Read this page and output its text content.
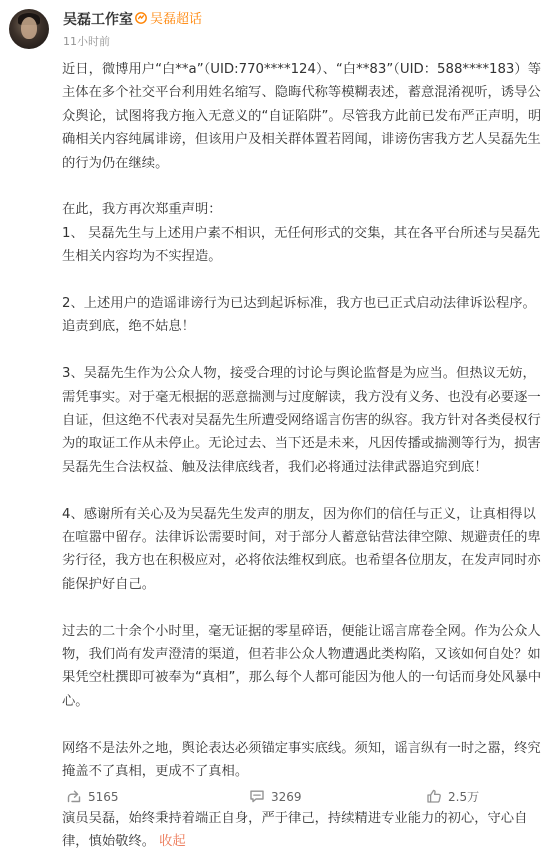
吴磊工作室	吴磊超话
11小时前

近日，微博用户“白**a”（UID:770****124）、“白**83”（UID：588****183）等主体在多个社交平台利用姓名缩写、隐晦代称等模糊表述，蓄意混淆视听，诱导公众舆论，试图将我方拖入无意义的“自证陷阱”。尽管我方此前已发布严正声明，明确相关内容纯属诽谤，但该用户及相关群体置若罔闻，诽谤伤害我方艺人吴磊先生的行为仍在继续。

在此，我方再次郑重声明：
1、 吴磊先生与上述用户素不相识，无任何形式的交集，其在各平台所述与吴磊先生相关内容均为不实捏造。

2、上述用户的造谣诽谤行为已达到起诉标准，我方也已正式启动法律诉讼程序。追责到底，绝不姑息！

3、吴磊先生作为公众人物，接受合理的讨论与舆论监督是为应当。但热议无妨，需凭事实。对于毫无根据的恶意揣测与过度解读，我方没有义务、也没有必要逐一自证，但这绝不代表对吴磊先生所遭受网络谣言伤害的纵容。我方针对各类侵权行为的取证工作从未停止。无论过去、当下还是未来，凡因传播或揣测等行为，损害吴磊先生合法权益、触及法律底线者，我们必将通过法律武器追究到底！

4、感谢所有关心及为吴磊先生发声的朋友，因为你们的信任与正义，让真相得以在喧嚣中留存。法律诉讼需要时间，对于部分人蓄意钻营法律空隙、规避责任的卑劣行径，我方也在积极应对，必将依法维权到底。也希望各位朋友，在发声同时亦能保护好自己。

过去的二十余个小时里，毫无证据的零星碎语，便能让谣言席卷全网。作为公众人物，我们尚有发声澄清的渠道，但若非公众人物遭遇此类构陷，又该如何自处？如果凭空杜撰即可被奉为“真相”，那么每个人都可能因为他人的一句话而身处风暴中心。

网络不是法外之地，舆论表达必须锚定事实底线。须知，谣言纵有一时之嚣，终究掩盖不了真相，更成不了真相。

演员吴磊，始终秉持着端正自身，严于律己，持续精进专业能力的初心，守心自律，慎始敬终。 收起

5165	3269	2.5万
